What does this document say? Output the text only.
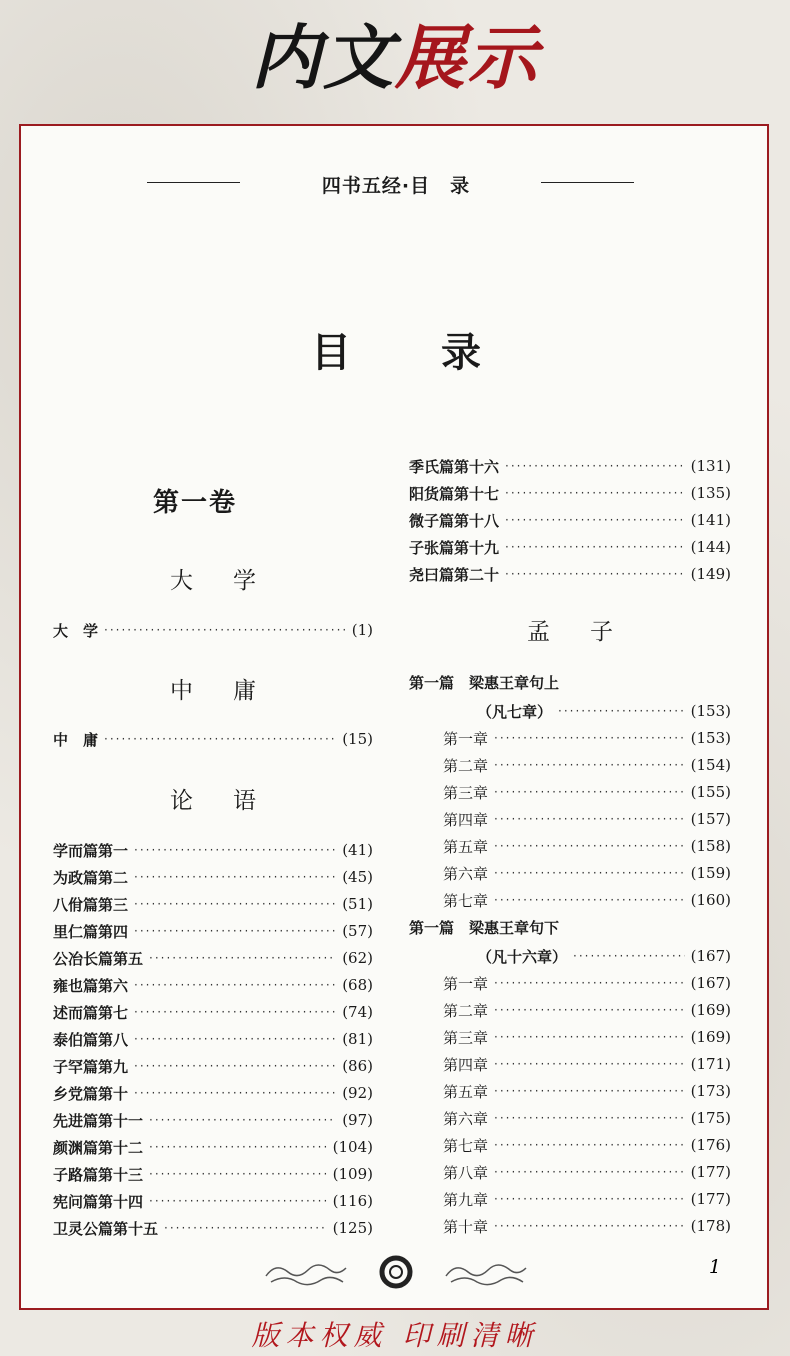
内文展示
四书五经·目　录
目录
第一卷
大学
大　学 ·····	(1)
中庸
中　庸 ·····	(15)
论语
学而篇第一 ·····	(41)
为政篇第二 ·····	(45)
八佾篇第三 ·····	(51)
里仁篇第四 ·····	(57)
公冶长篇第五 ·····	(62)
雍也篇第六 ·····	(68)
述而篇第七 ·····	(74)
泰伯篇第八 ·····	(81)
子罕篇第九 ·····	(86)
乡党篇第十 ·····	(92)
先进篇第十一 ·····	(97)
颜渊篇第十二 ·····	(104)
子路篇第十三 ·····	(109)
宪问篇第十四 ·····	(116)
卫灵公篇第十五 ·····	(125)
季氏篇第十六 ·····	(131)
阳货篇第十七 ·····	(135)
微子篇第十八 ·····	(141)
子张篇第十九 ·····	(144)
尧曰篇第二十 ·····	(149)
孟子
第一篇　梁惠王章句上
（凡七章） ·····	(153)
第一章 ·····	(153)
第二章 ·····	(154)
第三章 ·····	(155)
第四章 ·····	(157)
第五章 ·····	(158)
第六章 ·····	(159)
第七章 ·····	(160)
第一篇　梁惠王章句下
（凡十六章） ·····	(167)
第一章 ·····	(167)
第二章 ·····	(169)
第三章 ·····	(169)
第四章 ·····	(171)
第五章 ·····	(173)
第六章 ·····	(175)
第七章 ·····	(176)
第八章 ·····	(177)
第九章 ·····	(177)
第十章 ·····	(178)
1
版本权威 印刷清晰
